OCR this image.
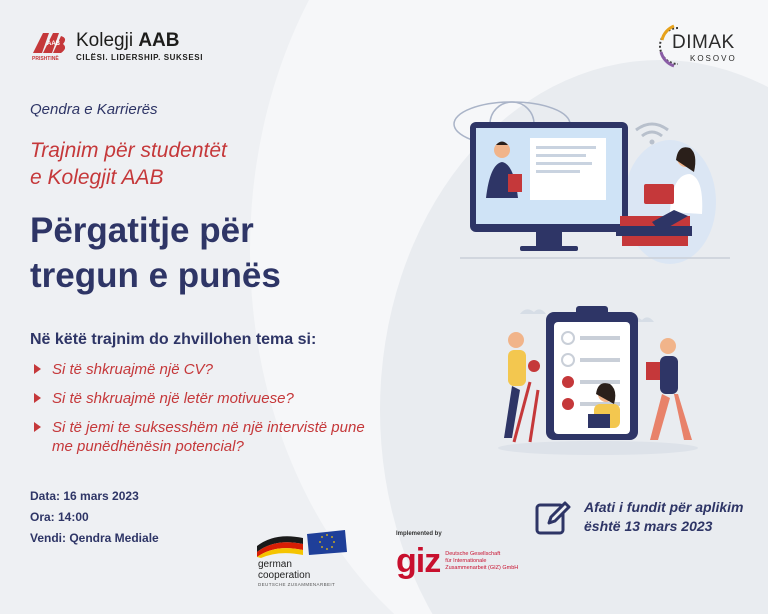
AAB
PRISHTINË
Kolegji AAB
CILËSI. LIDERSHIP. SUKSESI
DIMAK
KOSOVO
Qendra e Karrierës
Trajnim për studentët
e Kolegjit AAB
Përgatitje për
tregun e punës
Në këtë trajnim do zhvillohen tema si:
Si të shkruajmë një CV?
Si të shkruajmë një letër motivuese?
Si të jemi te suksesshëm në një intervistë pune me punëdhënësin potencial?
Data: 16 mars 2023
Ora: 14:00
Vendi: Qendra Mediale
german
cooperation
DEUTSCHE ZUSAMMENARBEIT
Implemented by
giz Deutsche Gesellschaft
für Internationale
Zusammenarbeit (GIZ) GmbH
Afati i fundit për aplikim
është 13 mars 2023
